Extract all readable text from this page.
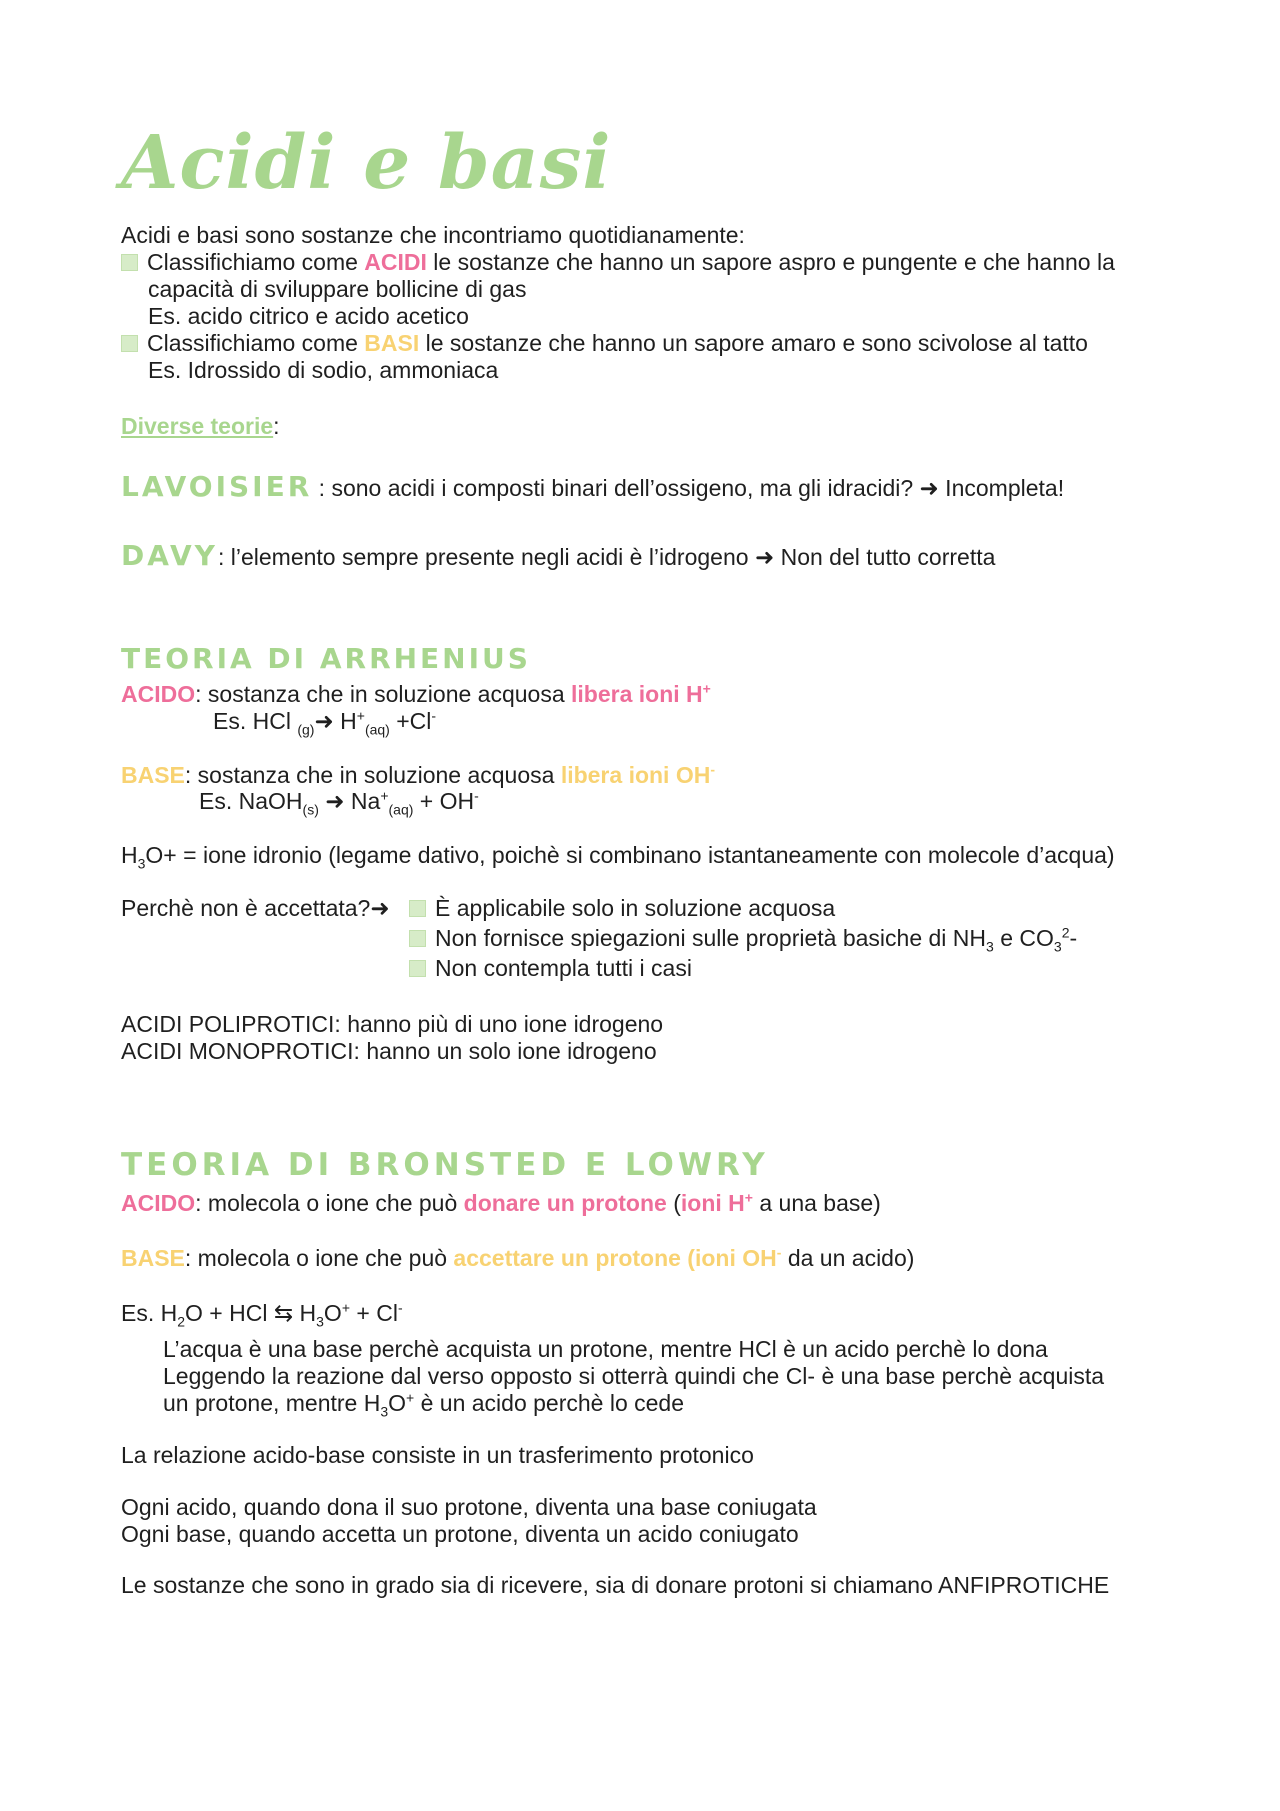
Acidi e basi
Acidi e basi sono sostanze che incontriamo quotidianamente:
Classifichiamo come ACIDI le sostanze che hanno un sapore aspro e pungente e che hanno la
capacità di sviluppare bollicine di gas
Es. acido citrico e acido acetico
Classifichiamo come BASI le sostanze che hanno un sapore amaro e sono scivolose al tatto
Es. Idrossido di sodio, ammoniaca
Diverse teorie:
LAVOISIER : sono acidi i composti binari dell’ossigeno, ma gli idracidi? ➜ Incompleta!
DAVY: l’elemento sempre presente negli acidi è l’idrogeno ➜ Non del tutto corretta
TEORIA DI ARRHENIUS
ACIDO: sostanza che in soluzione acquosa libera ioni H+
Es. HCl $_{(g)}$➜ $H^+_{(aq)} +Cl^-$
BASE: sostanza che in soluzione acquosa libera ioni OH-
Es. NaOH$_{(s)}$ ➜ $Na^+_{(aq)} + OH^-$
$H_3O+$ = ione idronio (legame dativo, poichè si combinano istantaneamente con molecole d’acqua)
Perchè non è accettata?➜	È applicabile solo in soluzione acquosa
Non fornisce spiegazioni sulle proprietà basiche di $NH_3$ e $CO_3^2-$
Non contempla tutti i casi
ACIDI POLIPROTICI: hanno più di uno ione idrogeno
ACIDI MONOPROTICI: hanno un solo ione idrogeno
TEORIA DI BRONSTED E LOWRY
ACIDO: molecola o ione che può donare un protone (ioni H+ a una base)
BASE: molecola o ione che può accettare un protone (ioni OH- da un acido)
Es. $H_2O$ + HCl ⇆ $H_3O^+ + Cl^-$
L’acqua è una base perchè acquista un protone, mentre HCl è un acido perchè lo dona
Leggendo la reazione dal verso opposto si otterrà quindi che Cl- è una base perchè acquista
un protone, mentre $H_3O^+$ è un acido perchè lo cede
La relazione acido-base consiste in un trasferimento protonico
Ogni acido, quando dona il suo protone, diventa una base coniugata
Ogni base, quando accetta un protone, diventa un acido coniugato
Le sostanze che sono in grado sia di ricevere, sia di donare protoni si chiamano ANFIPROTICHE
